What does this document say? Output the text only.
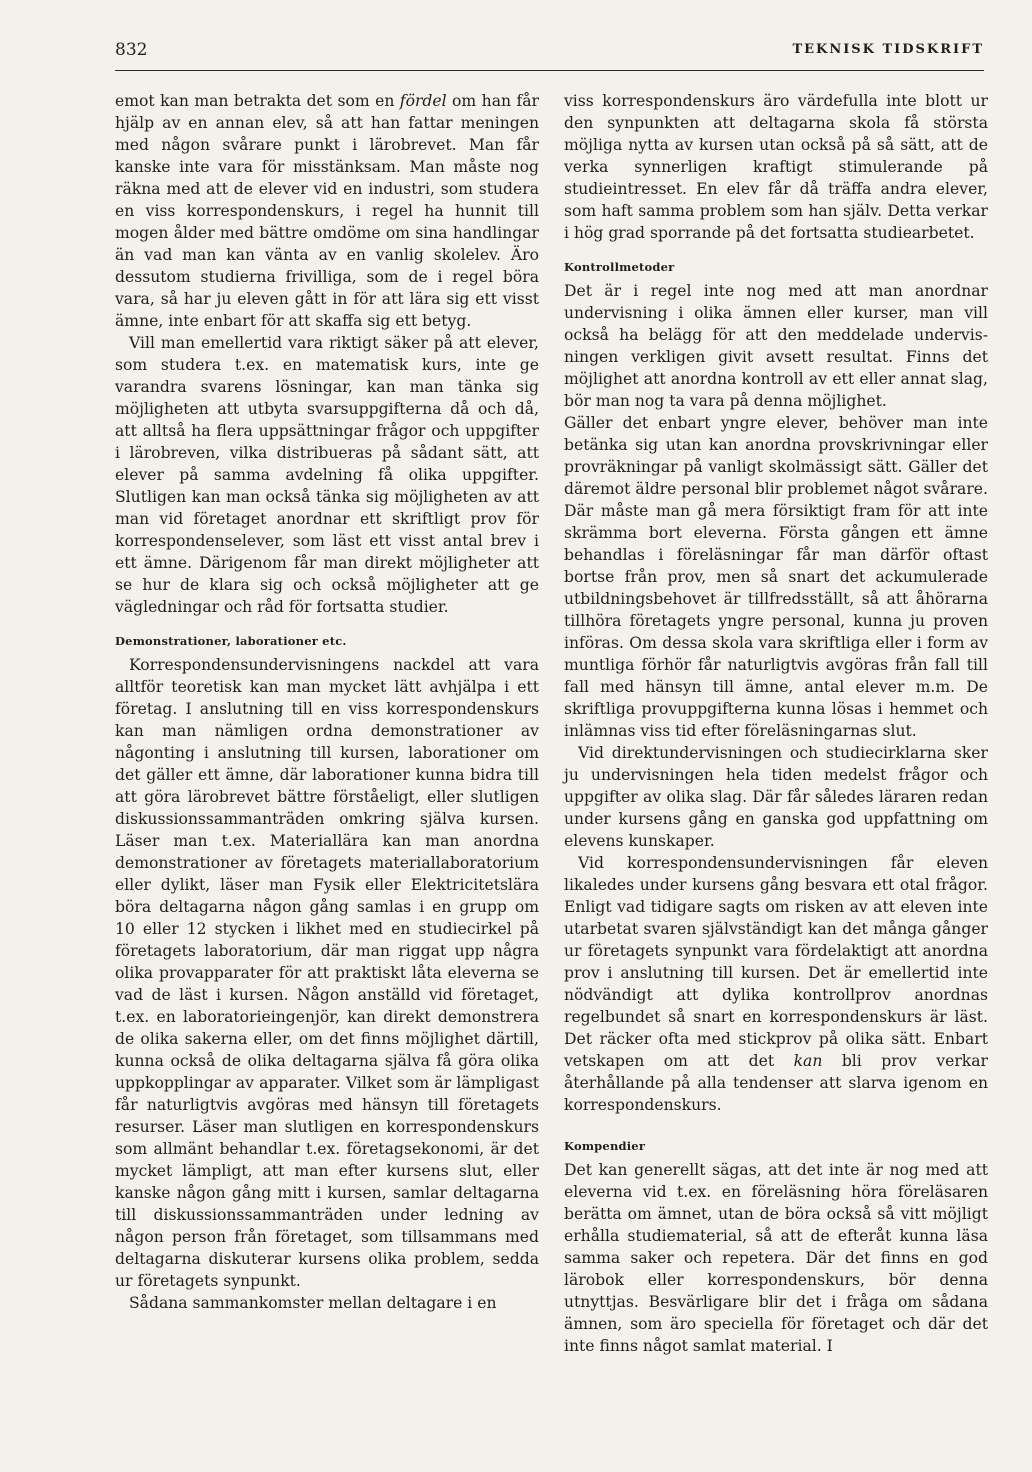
832	TEKNISK TIDSKRIFT

emot kan man betrakta det som en fördel om han får hjälp av en annan elev, så att han fattar meningen med någon svårare punkt i lärobrevet. Man får kanske inte vara för misstänksam. Man måste nog räkna med att de elever vid en industri, som studera en viss korrespondenskurs, i regel ha hunnit till mogen ålder med bättre omdöme om sina handlingar än vad man kan vänta av en vanlig skolelev. Äro dessutom studierna frivilliga, som de i regel böra vara, så har ju eleven gått in för att lära sig ett visst ämne, inte enbart för att skaffa sig ett betyg.

Vill man emellertid vara riktigt säker på att elever, som studera t.ex. en matematisk kurs, inte ge varandra svarens lösningar, kan man tänka sig möjligheten att utbyta svarsuppgifterna då och då, att alltså ha flera uppsättningar frågor och uppgifter i lärobreven, vilka distribueras på sådant sätt, att elever på samma avdelning få olika uppgifter. Slutligen kan man också tänka sig möjligheten av att man vid företaget anordnar ett skriftligt prov för korrespondenselever, som läst ett visst antal brev i ett ämne. Därigenom får man direkt möjligheter att se hur de klara sig och också möjligheter att ge vägledningar och råd för fortsatta studier.

Demonstrationer, laborationer etc.

Korrespondensundervisningens nackdel att vara alltför teoretisk kan man mycket lätt avhjälpa i ett företag. I anslutning till en viss korrespondenskurs kan man nämligen ordna demonstrationer av någonting i anslutning till kursen, laborationer om det gäller ett ämne, där laborationer kunna bidra till att göra lärobrevet bättre förståeligt, eller slutligen diskussionssammanträden omkring själva kursen. Läser man t.ex. Materiallära kan man anordna demonstrationer av företagets materiallaboratorium eller dylikt, läser man Fysik eller Elektricitetslära böra deltagarna någon gång samlas i en grupp om 10 eller 12 stycken i likhet med en studiecirkel på företagets laboratorium, där man riggat upp några olika provapparater för att praktiskt låta eleverna se vad de läst i kursen. Någon anställd vid företaget, t.ex. en laboratorieingenjör, kan direkt demonstrera de olika sakerna eller, om det finns möjlighet därtill, kunna också de olika deltagarna själva få göra olika uppkopplingar av apparater. Vilket som är lämpligast får naturligtvis avgöras med hänsyn till företagets resurser. Läser man slutligen en korrespondenskurs som allmänt behandlar t.ex. företagsekonomi, är det mycket lämpligt, att man efter kursens slut, eller kanske någon gång mitt i kursen, samlar deltagarna till diskussionssammanträden under ledning av någon person från företaget, som tillsammans med deltagarna diskuterar kursens olika problem, sedda ur företagets synpunkt.

Sådana sammankomster mellan deltagare i en

viss korrespondenskurs äro värdefulla inte blott ur den synpunkten att deltagarna skola få största möjliga nytta av kursen utan också på så sätt, att de verka synnerligen kraftigt stimulerande på studieintresset. En elev får då träffa andra elever, som haft samma problem som han själv. Detta verkar i hög grad sporrande på det fortsatta studiearbetet.

Kontrollmetoder

Det är i regel inte nog med att man anordnar undervisning i olika ämnen eller kurser, man vill också ha belägg för att den meddelade undervisningen verkligen givit avsett resultat. Finns det möjlighet att anordna kontroll av ett eller annat slag, bör man nog ta vara på denna möjlighet.

Gäller det enbart yngre elever, behöver man inte betänka sig utan kan anordna provskrivningar eller provräkningar på vanligt skolmässigt sätt. Gäller det däremot äldre personal blir problemet något svårare. Där måste man gå mera försiktigt fram för att inte skrämma bort eleverna. Första gången ett ämne behandlas i föreläsningar får man därför oftast bortse från prov, men så snart det ackumulerade utbildningsbehovet är tillfredsställt, så att åhörarna tillhöra företagets yngre personal, kunna ju proven införas. Om dessa skola vara skriftliga eller i form av muntliga förhör får naturligtvis avgöras från fall till fall med hänsyn till ämne, antal elever m.m. De skriftliga provuppgifterna kunna lösas i hemmet och inlämnas viss tid efter föreläsningarnas slut.

Vid direktundervisningen och studiecirklarna sker ju undervisningen hela tiden medelst frågor och uppgifter av olika slag. Där får således läraren redan under kursens gång en ganska god uppfattning om elevens kunskaper.

Vid korrespondensundervisningen får eleven likaledes under kursens gång besvara ett otal frågor. Enligt vad tidigare sagts om risken av att eleven inte utarbetat svaren självständigt kan det många gånger ur företagets synpunkt vara fördelaktigt att anordna prov i anslutning till kursen. Det är emellertid inte nödvändigt att dylika kontrollprov anordnas regelbundet så snart en korrespondenskurs är läst. Det räcker ofta med stickprov på olika sätt. Enbart vetskapen om att det kan bli prov verkar återhållande på alla tendenser att slarva igenom en korrespondenskurs.

Kompendier

Det kan generellt sägas, att det inte är nog med att eleverna vid t.ex. en föreläsning höra föreläsaren berätta om ämnet, utan de böra också så vitt möjligt erhålla studiematerial, så att de efteråt kunna läsa samma saker och repetera. Där det finns en god lärobok eller korrespondenskurs, bör denna utnyttjas. Besvärligare blir det i fråga om sådana ämnen, som äro speciella för företaget och där det inte finns något samlat material. I
